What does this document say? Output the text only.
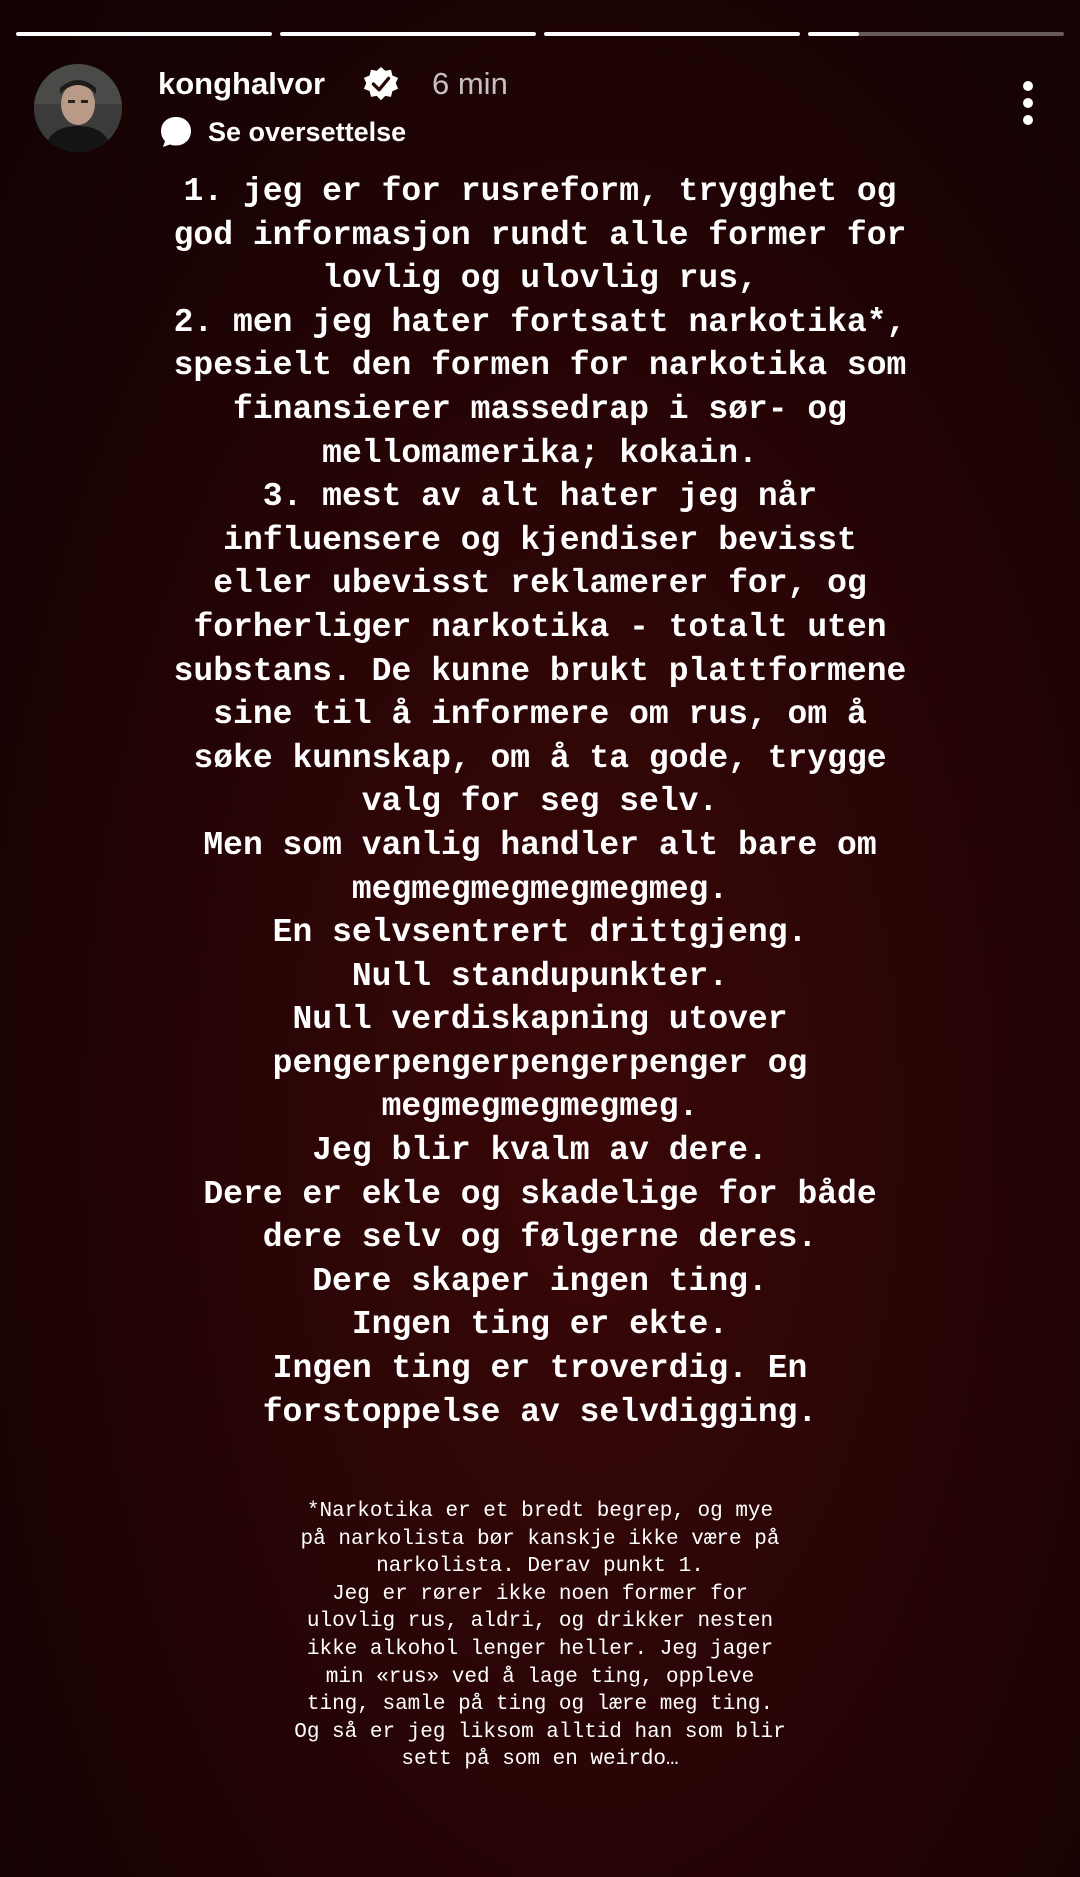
konghalvor	6 min
Se oversettelse

1. jeg er for rusreform, trygghet og
god informasjon rundt alle former for
lovlig og ulovlig rus,
2. men jeg hater fortsatt narkotika*,
spesielt den formen for narkotika som
finansierer massedrap i sør- og
mellomamerika; kokain.
3. mest av alt hater jeg når
influensere og kjendiser bevisst
eller ubevisst reklamerer for, og
forherliger narkotika - totalt uten
substans. De kunne brukt plattformene
sine til å informere om rus, om å
søke kunnskap, om å ta gode, trygge
valg for seg selv.
Men som vanlig handler alt bare om
megmegmegmegmegmeg.
En selvsentrert drittgjeng.
Null standupunkter.
Null verdiskapning utover
pengerpengerpengerpenger og
megmegmegmegmeg.
Jeg blir kvalm av dere.
Dere er ekle og skadelige for både
dere selv og følgerne deres.
Dere skaper ingen ting.
Ingen ting er ekte.
Ingen ting er troverdig. En
forstoppelse av selvdigging.

*Narkotika er et bredt begrep, og mye
på narkolista bør kanskje ikke være på
narkolista. Derav punkt 1.
Jeg er rører ikke noen former for
ulovlig rus, aldri, og drikker nesten
ikke alkohol lenger heller. Jeg jager
min «rus» ved å lage ting, oppleve
ting, samle på ting og lære meg ting.
Og så er jeg liksom alltid han som blir
sett på som en weirdo…
